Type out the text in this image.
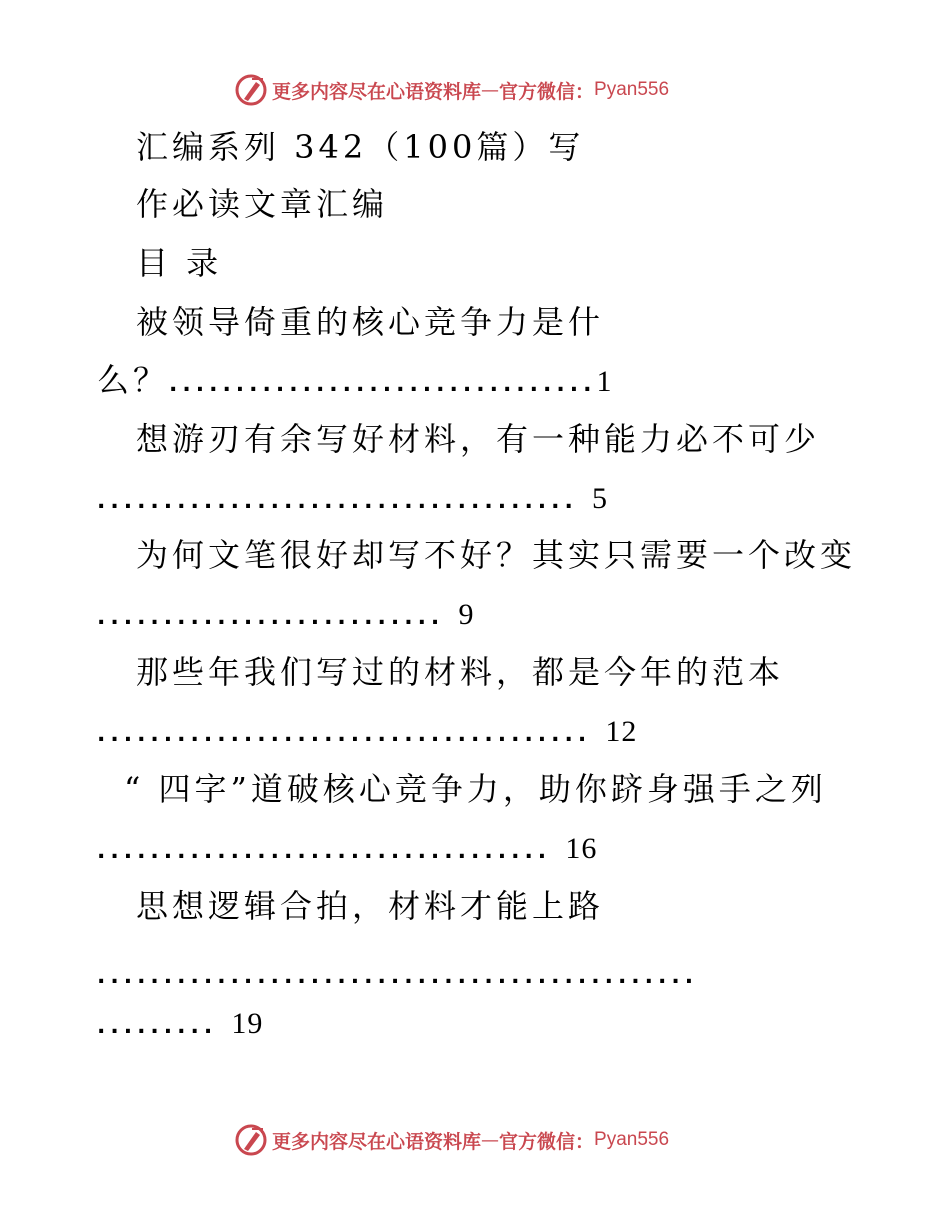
更多内容尽在心语资料库 — 官方微信： Pyan556
汇编系列 342（100篇）写
作必读文章汇编
目 录
被领导倚重的核心竞争力是什
么？................................1
想游刃有余写好材料，有一种能力必不可少
.................................... 5
为何文笔很好却写不好？其实只需要一个改变
.......................... 9
那些年我们写过的材料，都是今年的范本
..................................... 12
“ 四字”道破核心竞争力，助你跻身强手之列
.................................. 16
思想逻辑合拍，材料才能上路
.............................................
......... 19
更多内容尽在心语资料库 — 官方微信： Pyan556
